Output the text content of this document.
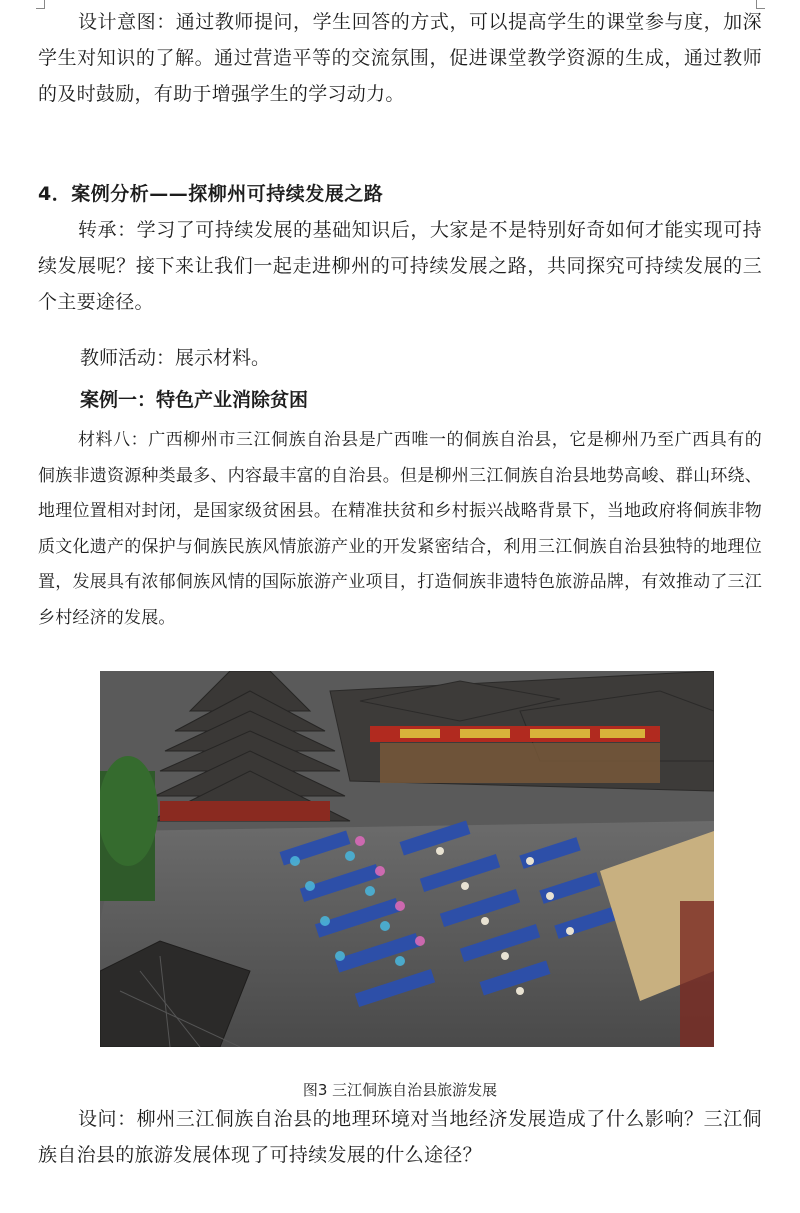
设计意图：通过教师提问，学生回答的方式，可以提高学生的课堂参与度，加深学生对知识的了解。通过营造平等的交流氛围，促进课堂教学资源的生成，通过教师的及时鼓励，有助于增强学生的学习动力。

4．案例分析——探柳州可持续发展之路

转承：学习了可持续发展的基础知识后，大家是不是特别好奇如何才能实现可持续发展呢？接下来让我们一起走进柳州的可持续发展之路，共同探究可持续发展的三个主要途径。

教师活动：展示材料。

案例一：特色产业消除贫困

材料八：广西柳州市三江侗族自治县是广西唯一的侗族自治县，它是柳州乃至广西具有的侗族非遗资源种类最多、内容最丰富的自治县。但是柳州三江侗族自治县地势高峻、群山环绕、地理位置相对封闭，是国家级贫困县。在精准扶贫和乡村振兴战略背景下，当地政府将侗族非物质文化遗产的保护与侗族民族风情旅游产业的开发紧密结合，利用三江侗族自治县独特的地理位置，发展具有浓郁侗族风情的国际旅游产业项目，打造侗族非遗特色旅游品牌，有效推动了三江乡村经济的发展。

图3 三江侗族自治县旅游发展

设问：柳州三江侗族自治县的地理环境对当地经济发展造成了什么影响？三江侗族自治县的旅游发展体现了可持续发展的什么途径？
